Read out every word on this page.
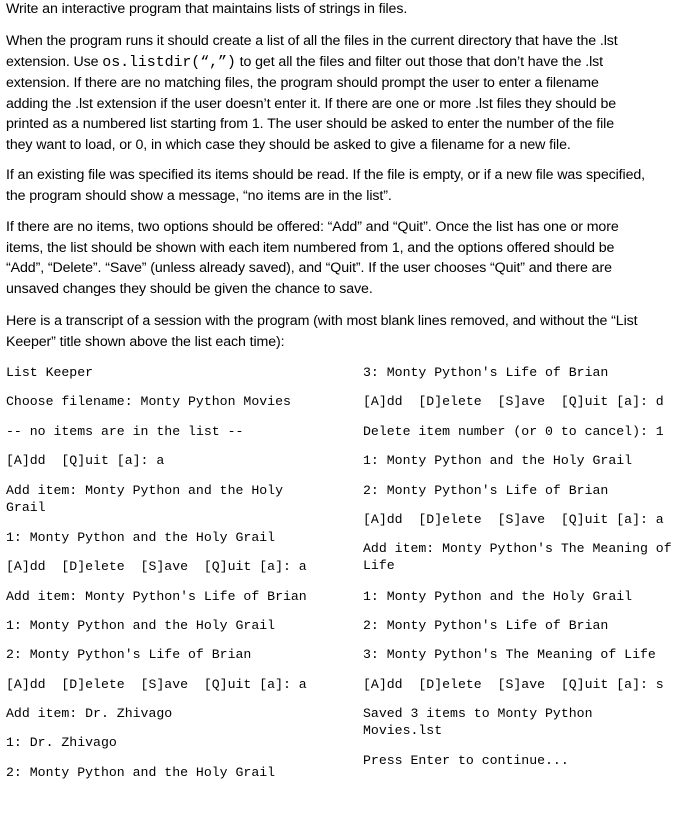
Write an interactive program that maintains lists of strings in files.

When the program runs it should create a list of all the files in the current directory that have the .lst
extension. Use os.listdir(“,”) to get all the files and filter out those that don’t have the .lst
extension. If there are no matching files, the program should prompt the user to enter a filename
adding the .lst extension if the user doesn’t enter it. If there are one or more .lst files they should be
printed as a numbered list starting from 1. The user should be asked to enter the number of the file
they want to load, or 0, in which case they should be asked to give a filename for a new file.
If an existing file was specified its items should be read. If the file is empty, or if a new file was specified,
the program should show a message, “no items are in the list”.
If there are no items, two options should be offered: “Add” and “Quit”. Once the list has one or more
items, the list should be shown with each item numbered from 1, and the options offered should be
“Add”, “Delete”. “Save” (unless already saved), and “Quit”. If the user chooses “Quit” and there are
unsaved changes they should be given the chance to save.
Here is a transcript of a session with the program (with most blank lines removed, and without the “List
Keeper” title shown above the list each time):
List Keeper
Choose filename: Monty Python Movies
-- no items are in the list --
[A]dd  [Q]uit [a]: a
Add item: Monty Python and the Holy
Grail
1: Monty Python and the Holy Grail
[A]dd  [D]elete  [S]ave  [Q]uit [a]: a
Add item: Monty Python's Life of Brian
1: Monty Python and the Holy Grail
2: Monty Python's Life of Brian
[A]dd  [D]elete  [S]ave  [Q]uit [a]: a
Add item: Dr. Zhivago
1: Dr. Zhivago
2: Monty Python and the Holy Grail
3: Monty Python's Life of Brian
[A]dd  [D]elete  [S]ave  [Q]uit [a]: d
Delete item number (or 0 to cancel): 1
1: Monty Python and the Holy Grail
2: Monty Python's Life of Brian
[A]dd  [D]elete  [S]ave  [Q]uit [a]: a
Add item: Monty Python's The Meaning of
Life
1: Monty Python and the Holy Grail
2: Monty Python's Life of Brian
3: Monty Python's The Meaning of Life
[A]dd  [D]elete  [S]ave  [Q]uit [a]: s
Saved 3 items to Monty Python
Movies.lst
Press Enter to continue...
